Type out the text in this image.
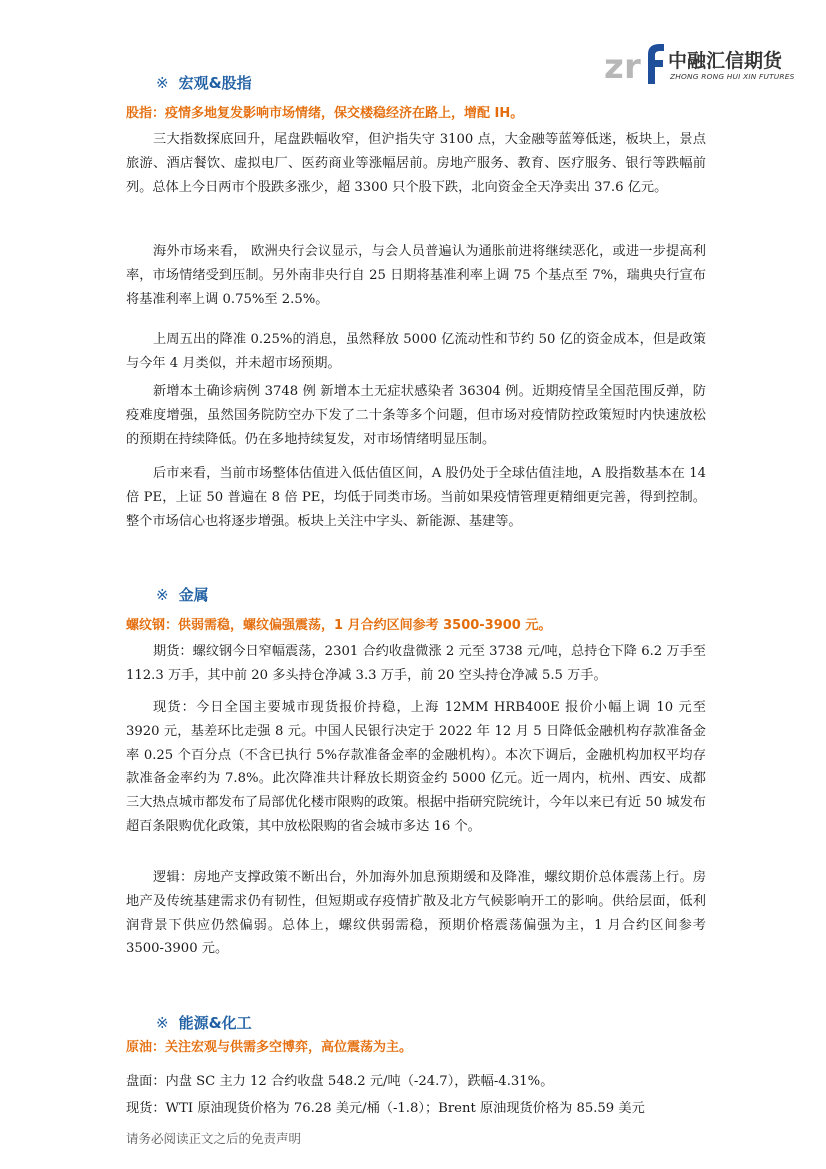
z r 中融汇信期货
ZHONG RONG HUI XIN FUTURES
※ 宏观&股指
股指：疫情多地复发影响市场情绪，保交楼稳经济在路上，增配 IH。
三大指数探底回升，尾盘跌幅收窄，但沪指失守 3100 点，大金融等蓝筹低迷，板块上，景点旅游、酒店餐饮、虚拟电厂、医药商业等涨幅居前。房地产服务、教育、医疗服务、银行等跌幅前列。总体上今日两市个股跌多涨少，超 3300 只个股下跌，北向资金全天净卖出 37.6 亿元。
海外市场来看， 欧洲央行会议显示，与会人员普遍认为通胀前进将继续恶化，或进一步提高利率，市场情绪受到压制。另外南非央行自 25 日期将基准利率上调 75 个基点至 7%，瑞典央行宣布将基准利率上调 0.75%至 2.5%。
上周五出的降准 0.25%的消息，虽然释放 5000 亿流动性和节约 50 亿的资金成本，但是政策与今年 4 月类似，并未超市场预期。
新增本土确诊病例 3748 例 新增本土无症状感染者 36304 例。近期疫情呈全国范围反弹，防疫难度增强，虽然国务院防空办下发了二十条等多个问题，但市场对疫情防控政策短时内快速放松的预期在持续降低。仍在多地持续复发，对市场情绪明显压制。
后市来看，当前市场整体估值进入低估值区间，A 股仍处于全球估值洼地，A 股指数基本在 14 倍 PE，上证 50 普遍在 8 倍 PE，均低于同类市场。当前如果疫情管理更精细更完善，得到控制。整个市场信心也将逐步增强。板块上关注中字头、新能源、基建等。
※ 金属
螺纹钢：供弱需稳，螺纹偏强震荡，1 月合约区间参考 3500-3900 元。
期货：螺纹钢今日窄幅震荡，2301 合约收盘微涨 2 元至 3738 元/吨，总持仓下降 6.2 万手至 112.3 万手，其中前 20 多头持仓净减 3.3 万手，前 20 空头持仓净减 5.5 万手。
现货：今日全国主要城市现货报价持稳，上海 12MM HRB400E 报价小幅上调 10 元至 3920 元，基差环比走强 8 元。中国人民银行决定于 2022 年 12 月 5 日降低金融机构存款准备金率 0.25 个百分点（不含已执行 5%存款准备金率的金融机构）。本次下调后，金融机构加权平均存款准备金率约为 7.8%。此次降准共计释放长期资金约 5000 亿元。近一周内，杭州、西安、成都三大热点城市都发布了局部优化楼市限购的政策。根据中指研究院统计，今年以来已有近 50 城发布超百条限购优化政策，其中放松限购的省会城市多达 16 个。
逻辑：房地产支撑政策不断出台，外加海外加息预期缓和及降准，螺纹期价总体震荡上行。房地产及传统基建需求仍有韧性，但短期或存疫情扩散及北方气候影响开工的影响。供给层面，低利润背景下供应仍然偏弱。总体上，螺纹供弱需稳，预期价格震荡偏强为主，1 月合约区间参考 3500-3900 元。
※ 能源&化工
原油：关注宏观与供需多空博弈，高位震荡为主。
盘面：内盘 SC 主力 12 合约收盘 548.2 元/吨（-24.7），跌幅-4.31%。
现货：WTI 原油现货价格为 76.28 美元/桶（-1.8）；Brent 原油现货价格为 85.59 美元
请务必阅读正文之后的免责声明
